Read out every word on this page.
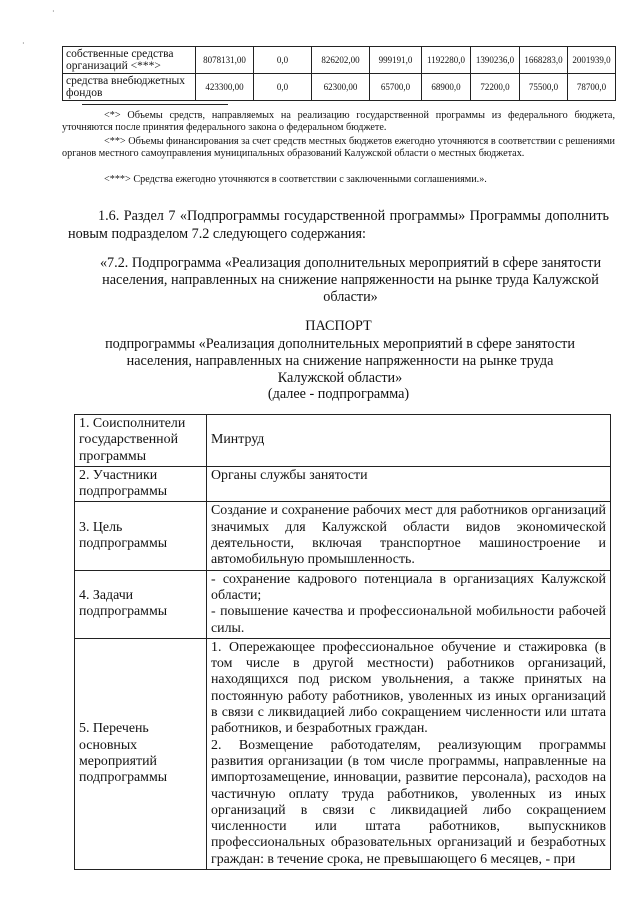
·
·
собственные средства организаций <***>	8078131,00	0,0	826202,00	999191,0	1192280,0	1390236,0	1668283,0	2001939,0
средства внебюджетных фондов	423300,00	0,0	62300,00	65700,0	68900,0	72200,0	75500,0	78700,0
<*> Объемы средств, направляемых на реализацию государственной программы из федерального бюджета, уточняются после принятия федерального закона о федеральном бюджете.
<**> Объемы финансирования за счет средств местных бюджетов ежегодно уточняются в соответствии с решениями органов местного самоуправления муниципальных образований Калужской области о местных бюджетах.
<***> Средства ежегодно уточняются в соответствии с заключенными соглашениями.».
1.6. Раздел 7 «Подпрограммы государственной программы» Программы дополнить новым подразделом 7.2 следующего содержания:
«7.2. Подпрограмма «Реализация дополнительных мероприятий в сфере занятости населения, направленных на снижение напряженности на рынке труда Калужской области»
ПАСПОРТ
подпрограммы «Реализация дополнительных мероприятий в сфере занятости населения, направленных на снижение напряженности на рынке труда Калужской области»
(далее - подпрограмма)
1. Соисполнители государственной программы	Минтруд
2. Участники подпрограммы	Органы службы занятости
3. Цель подпрограммы	Создание и сохранение рабочих мест для работников организаций значимых для Калужской области видов экономической деятельности, включая транспортное машиностроение и автомобильную промышленность.
4. Задачи подпрограммы	- сохранение кадрового потенциала в организациях Калужской области;
- повышение качества и профессиональной мобильности рабочей силы.

5. Перечень основных мероприятий подпрограммы	1. Опережающее профессиональное обучение и стажировка (в том числе в другой местности) работников организаций, находящихся под риском увольнения, а также принятых на постоянную работу работников, уволенных из иных организаций в связи с ликвидацией либо сокращением численности или штата работников, и безработных граждан.
2. Возмещение работодателям, реализующим программы развития организации (в том числе программы, направленные на импортозамещение, инновации, развитие персонала), расходов на частичную оплату труда работников, уволенных из иных организаций в связи с ликвидацией либо сокращением численности или штата работников, выпускников профессиональных образовательных организаций и безработных граждан: в течение срока, не превышающего 6 месяцев, - при
